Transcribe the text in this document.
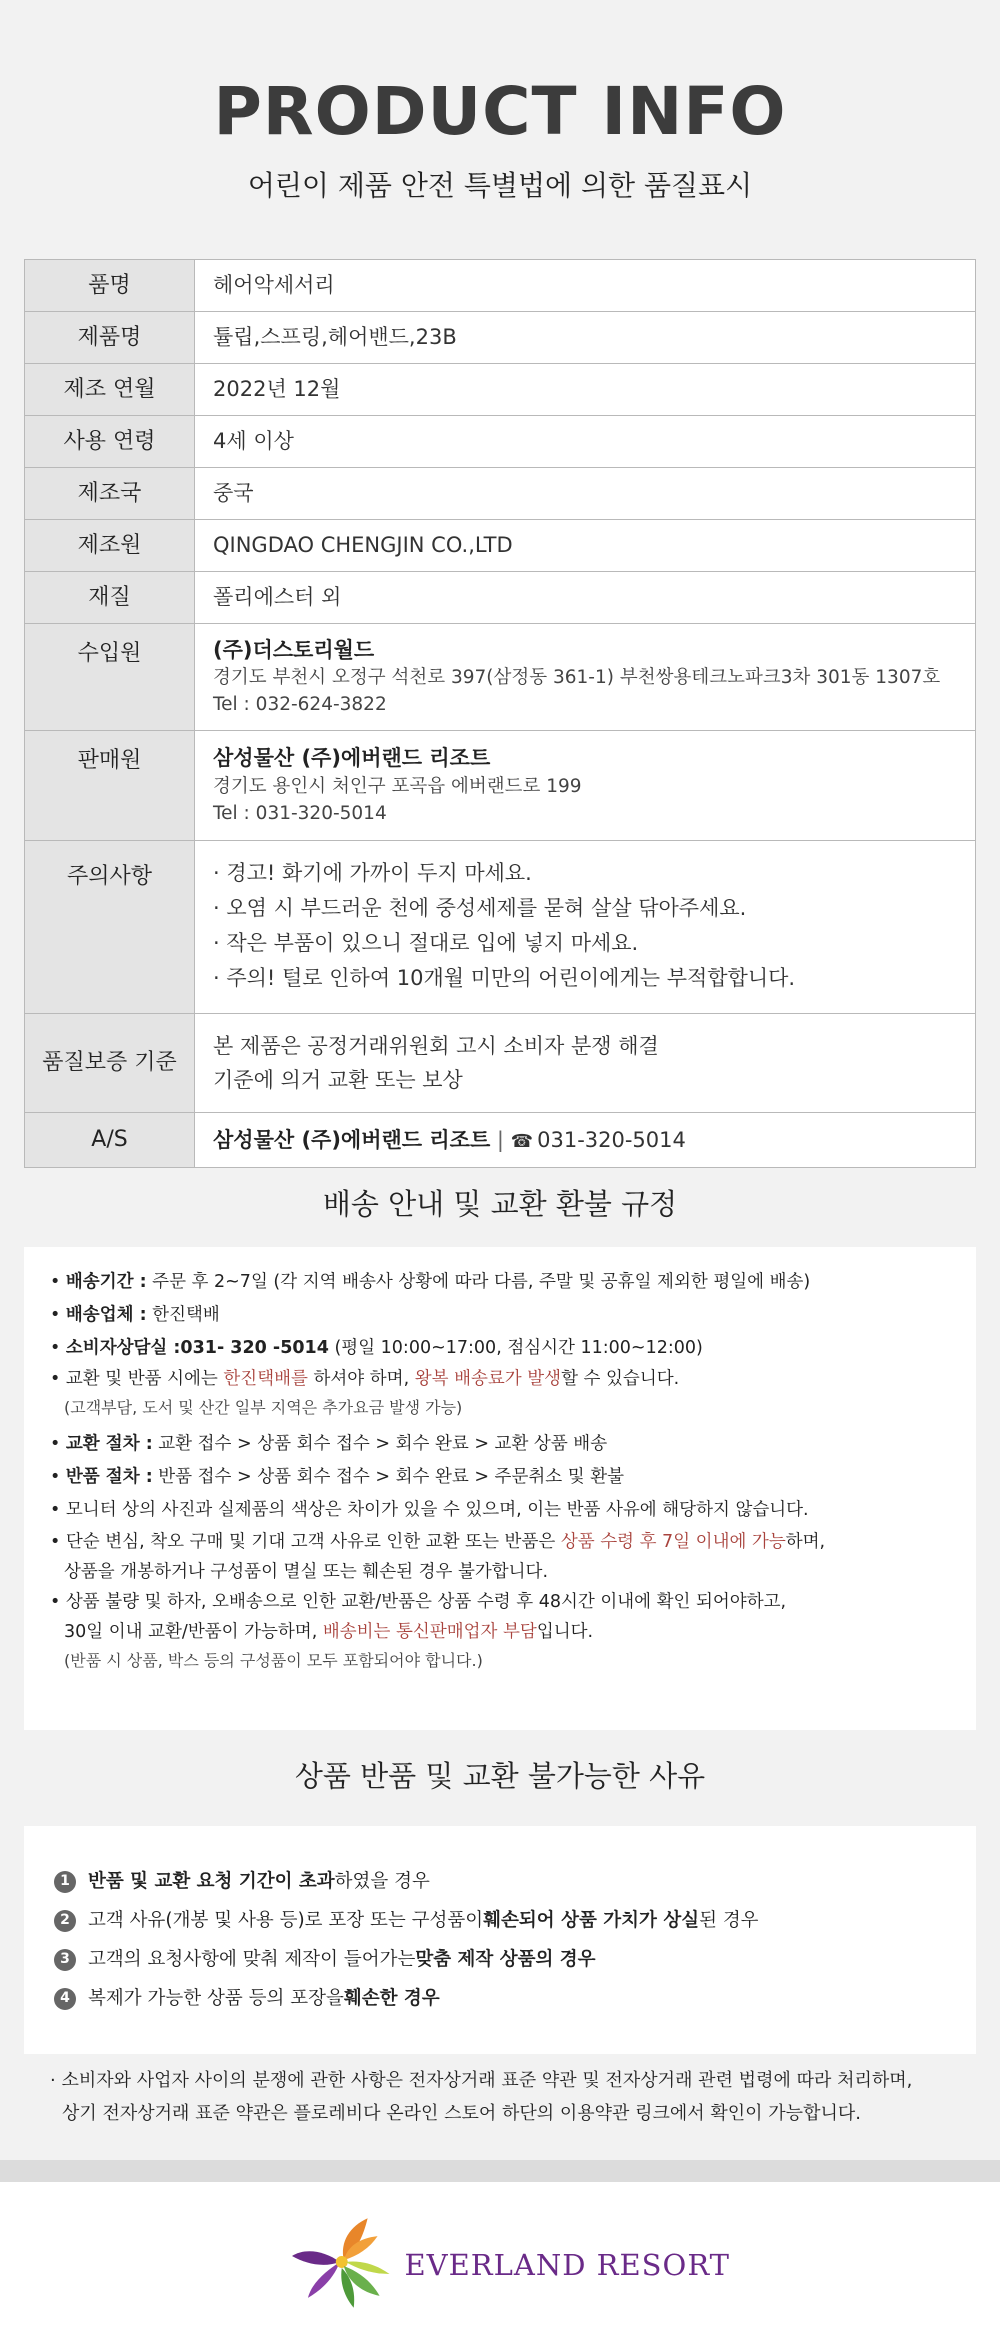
PRODUCT INFO
어린이 제품 안전 특별법에 의한 품질표시
품명	헤어악세서리
제품명	튤립,스프링,헤어밴드,23B
제조 연월	2022년 12월
사용 연령	4세 이상
제조국	중국
제조원	QINGDAO CHENGJIN CO.,LTD
재질	폴리에스터 외
수입원	(주)더스토리월드
경기도 부천시 오정구 석천로 397(삼정동 361-1) 부천쌍용테크노파크3차 301동 1307호
Tel : 032-624-3822

판매원	삼성물산 (주)에버랜드 리조트
경기도 용인시 처인구 포곡읍 에버랜드로 199
Tel : 031-320-5014

주의사항	· 경고! 화기에 가까이 두지 마세요.
· 오염 시 부드러운 천에 중성세제를 묻혀 살살 닦아주세요.
· 작은 부품이 있으니 절대로 입에 넣지 마세요.
· 주의! 털로 인하여 10개월 미만의 어린이에게는 부적합합니다.

품질보증 기준	본 제품은 공정거래위원회 고시 소비자 분쟁 해결
기준에 의거 교환 또는 보상

A/S	삼성물산 (주)에버랜드 리조트 | ☎ 031-320-5014
배송 안내 및 교환 환불 규정
• 배송기간 : 주문 후 2~7일 (각 지역 배송사 상황에 따라 다름, 주말 및 공휴일 제외한 평일에 배송)
• 배송업체 : 한진택배
• 소비자상담실 :031- 320 -5014 (평일 10:00~17:00, 점심시간 11:00~12:00)
• 교환 및 반품 시에는 한진택배를 하셔야 하며, 왕복 배송료가 발생할 수 있습니다.
(고객부담, 도서 및 산간 일부 지역은 추가요금 발생 가능)
• 교환 절차 : 교환 접수 > 상품 회수 접수 > 회수 완료 > 교환 상품 배송
• 반품 절차 : 반품 접수 > 상품 회수 접수 > 회수 완료 > 주문취소 및 환불
• 모니터 상의 사진과 실제품의 색상은 차이가 있을 수 있으며, 이는 반품 사유에 해당하지 않습니다.
• 단순 변심, 착오 구매 및 기대 고객 사유로 인한 교환 또는 반품은 상품 수령 후 7일 이내에 가능하며,
상품을 개봉하거나 구성품이 멸실 또는 훼손된 경우 불가합니다.
• 상품 불량 및 하자, 오배송으로 인한 교환/반품은 상품 수령 후 48시간 이내에 확인 되어야하고,
30일 이내 교환/반품이 가능하며, 배송비는 통신판매업자 부담입니다.
(반품 시 상품, 박스 등의 구성품이 모두 포함되어야 합니다.)
상품 반품 및 교환 불가능한 사유
1 반품 및 교환 요청 기간이 초과 하였을 경우
2 고객 사유(개봉 및 사용 등)로 포장 또는 구성품이 훼손되어 상품 가치가 상실 된 경우
3 고객의 요청사항에 맞춰 제작이 들어가는 맞춤 제작 상품의 경우
4 복제가 가능한 상품 등의 포장을 훼손한 경우
· 소비자와 사업자 사이의 분쟁에 관한 사항은 전자상거래 표준 약관 및 전자상거래 관련 법령에 따라 처리하며,
상기 전자상거래 표준 약관은 플로레비다 온라인 스토어 하단의 이용약관 링크에서 확인이 가능합니다.
EVERLAND RESORT
